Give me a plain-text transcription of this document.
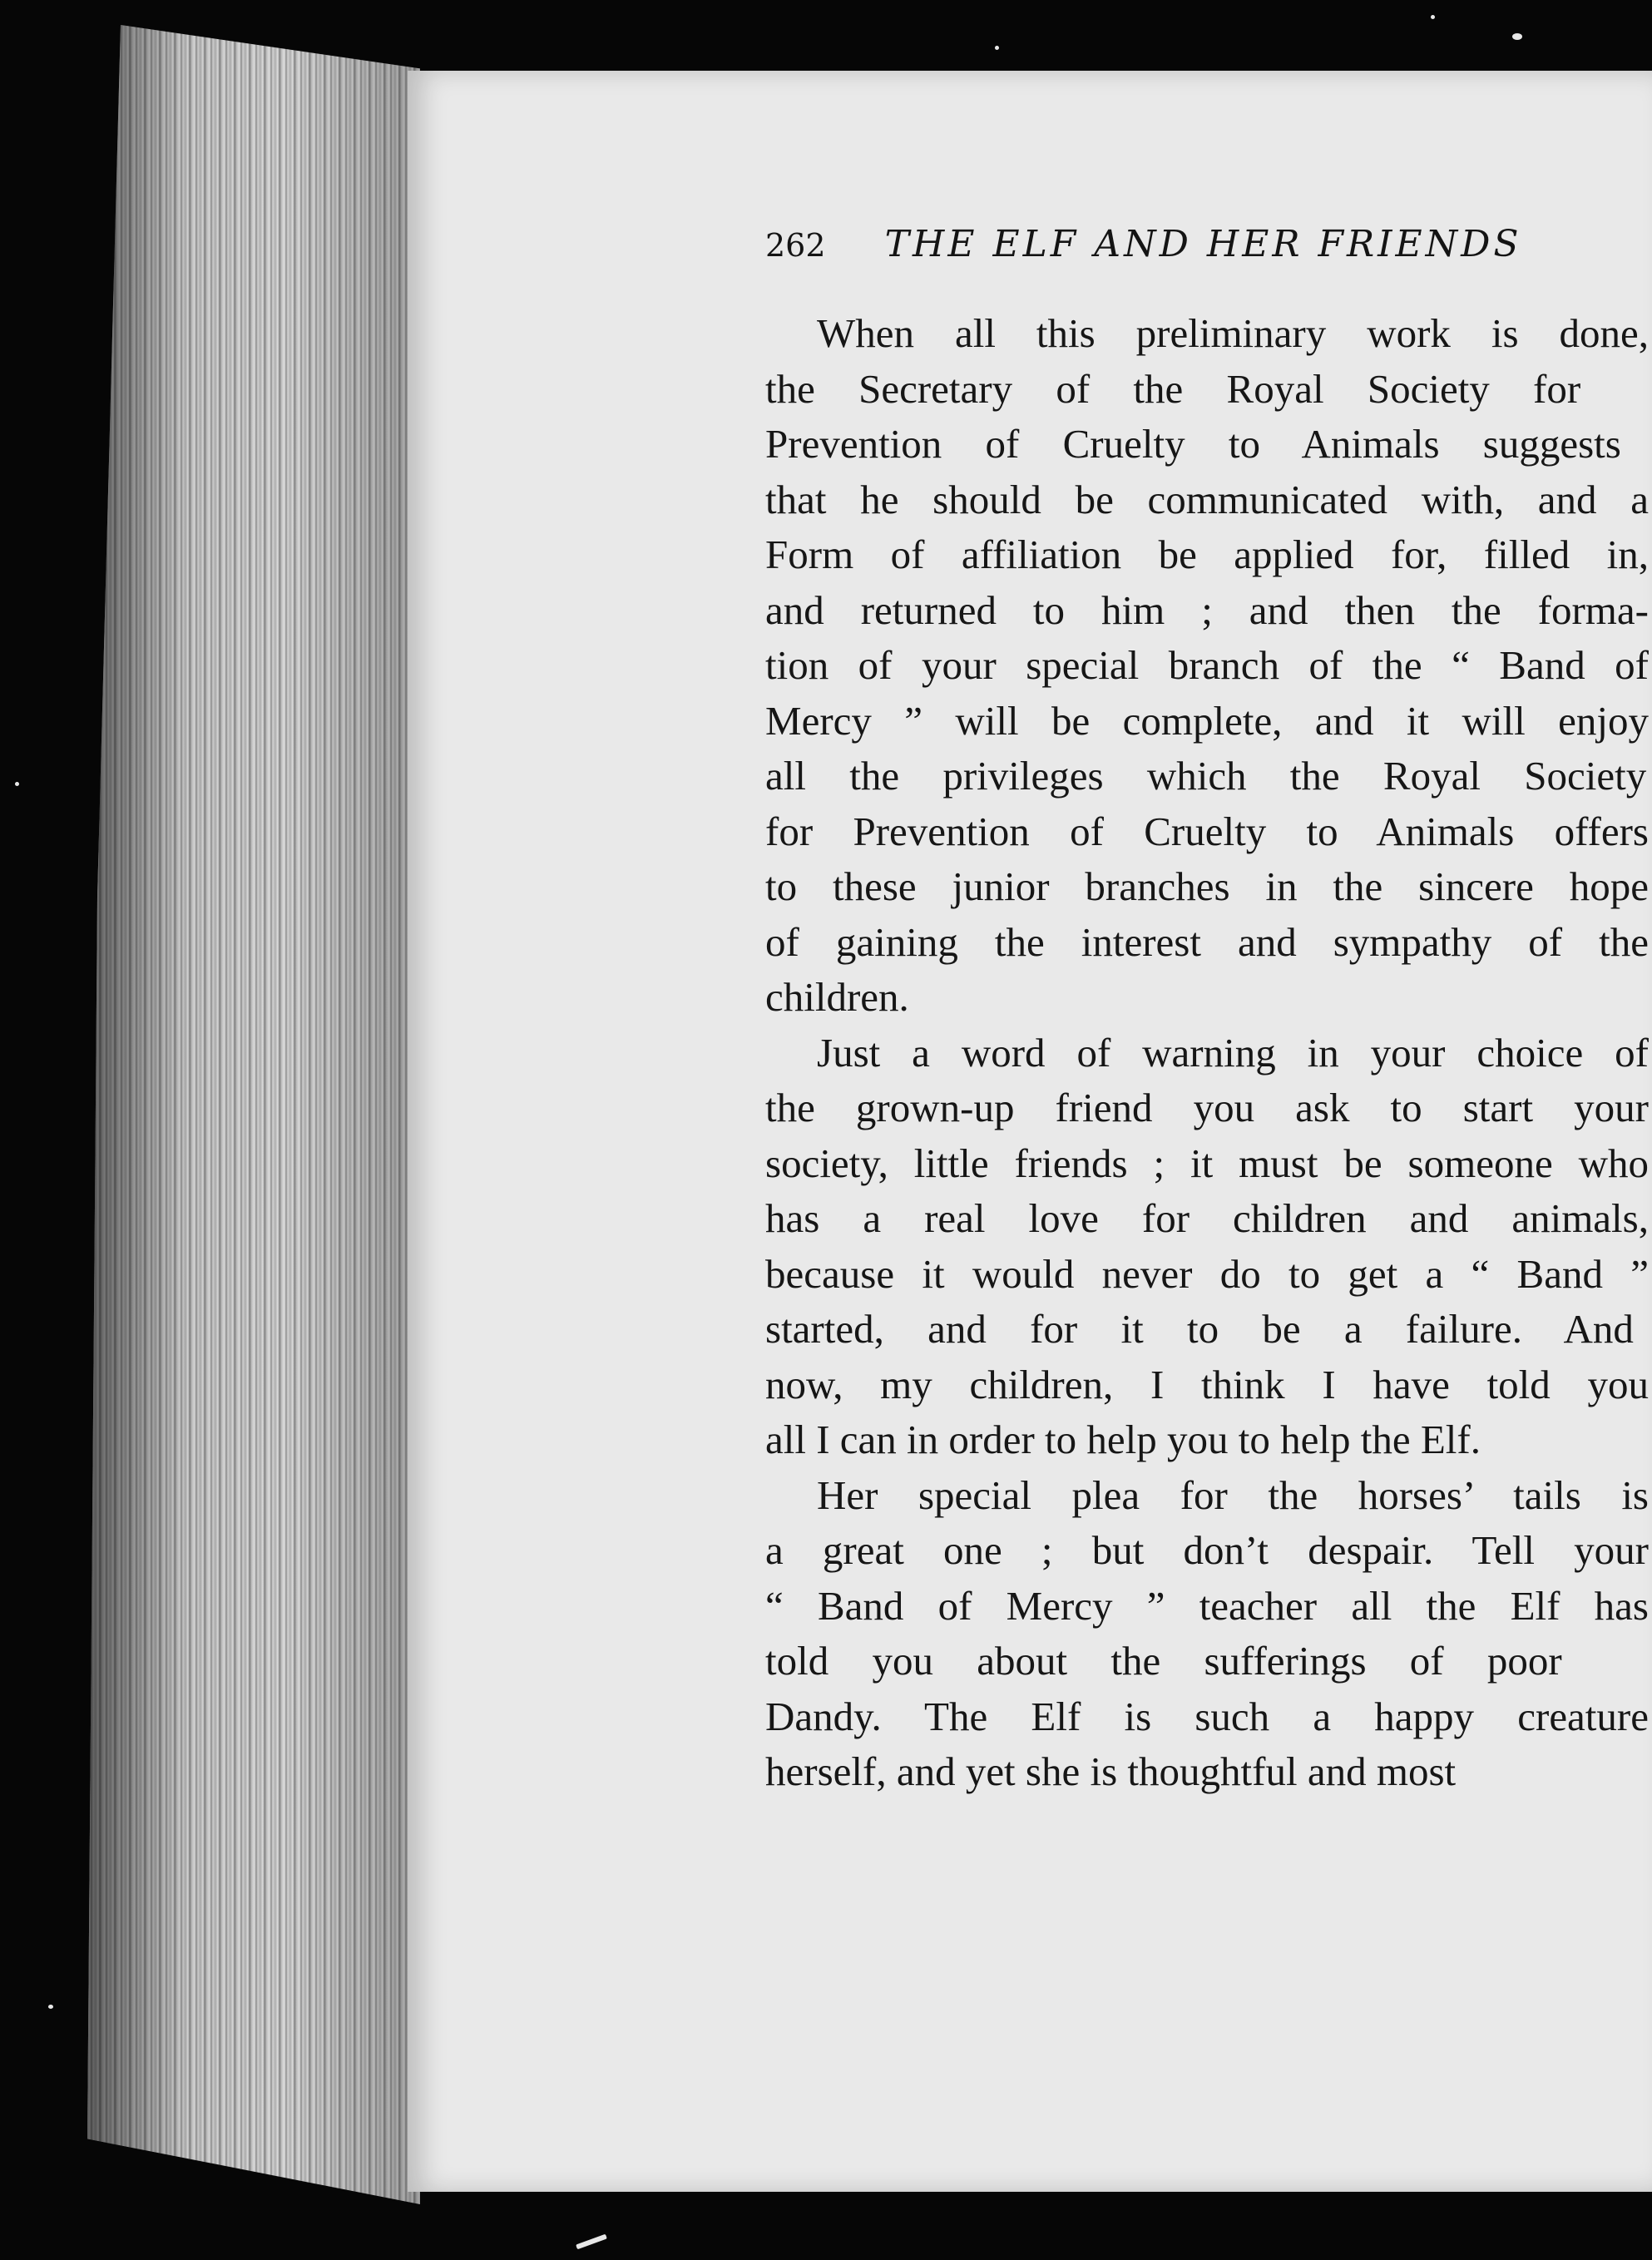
262 THE ELF AND HER FRIENDS
When all this preliminary work is done,
the Secretary of the Royal Society for
Prevention of Cruelty to Animals suggests
that he should be communicated with, and a
Form of affiliation be applied for, filled in,
and returned to him ; and then the forma-
tion of your special branch of the “ Band of
Mercy ” will be complete, and it will enjoy
all the privileges which the Royal Society
for Prevention of Cruelty to Animals offers
to these junior branches in the sincere hope
of gaining the interest and sympathy of the
children.
Just a word of warning in your choice of
the grown-up friend you ask to start your
society, little friends ; it must be someone who
has a real love for children and animals,
because it would never do to get a “ Band ”
started, and for it to be a failure. And
now, my children, I think I have told you
all I can in order to help you to help the Elf.
Her special plea for the horses’ tails is
a great one ; but don’t despair. Tell your
“ Band of Mercy ” teacher all the Elf has
told you about the sufferings of poor
Dandy. The Elf is such a happy creature
herself, and yet she is thoughtful and most
